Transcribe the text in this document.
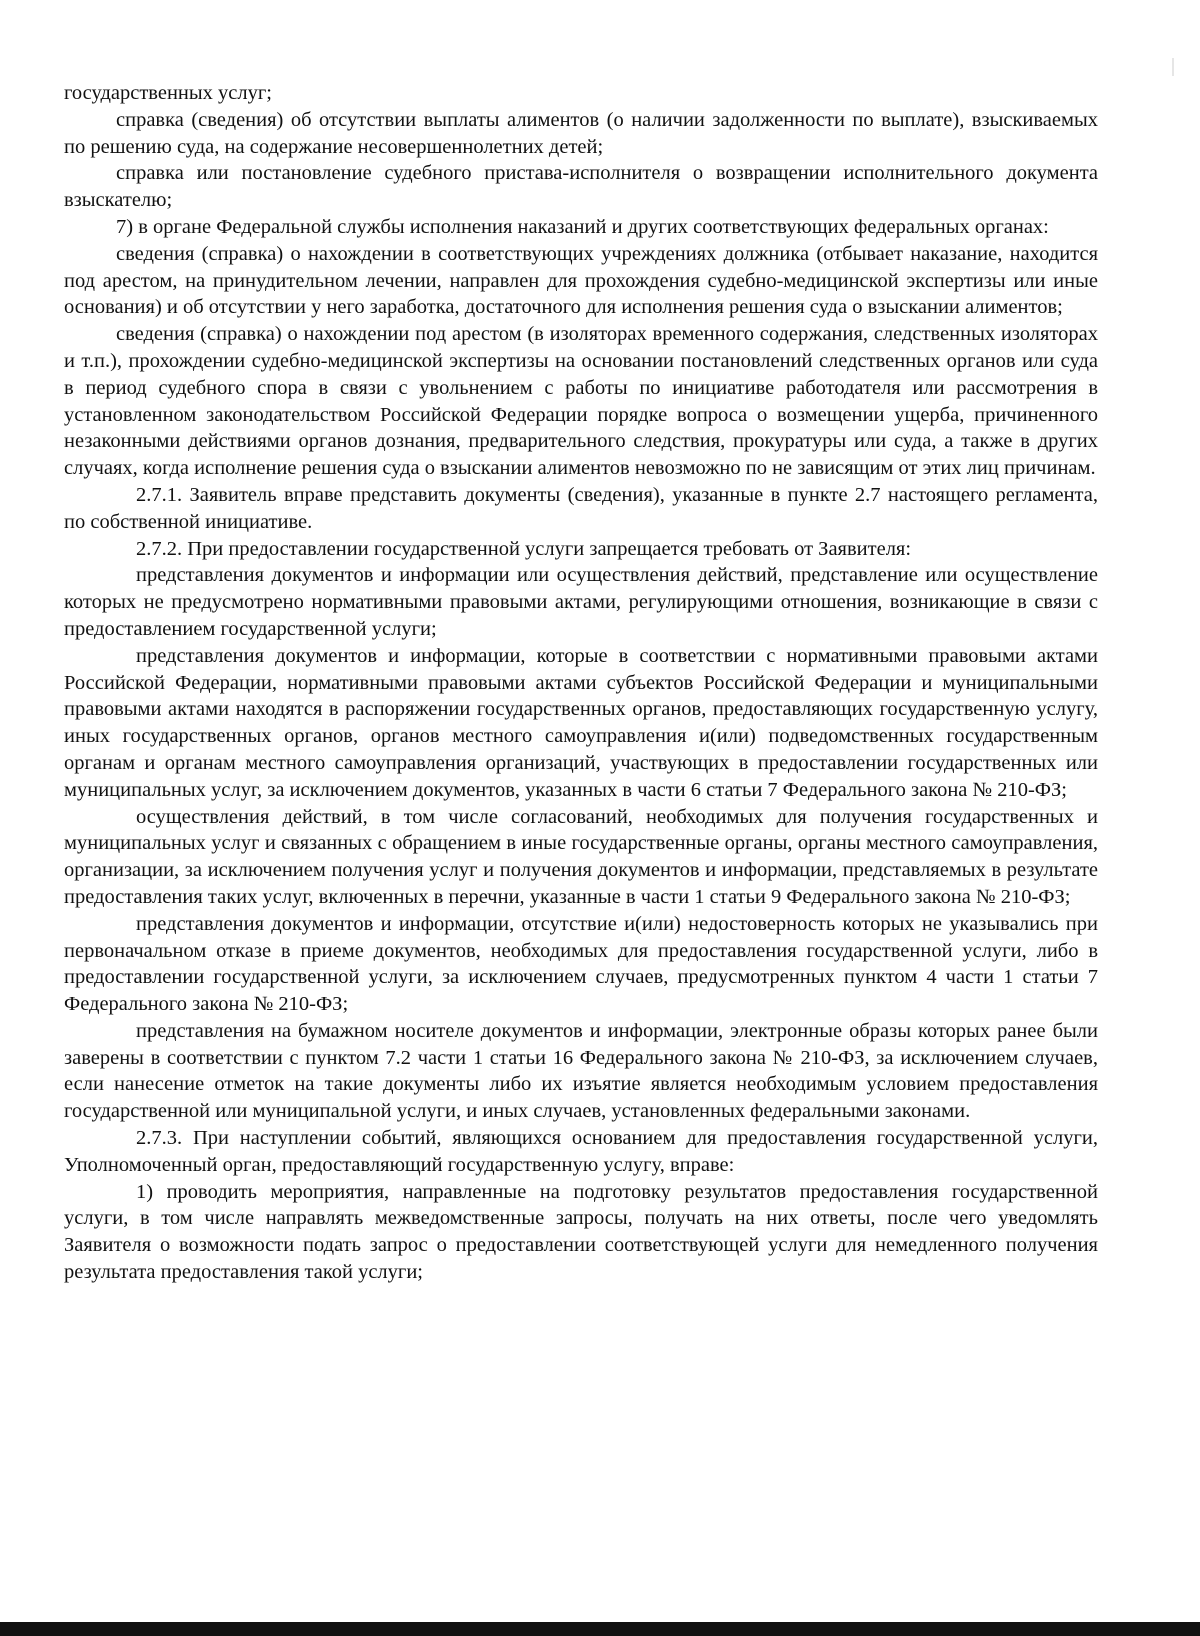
государственных услуг;

справка (сведения) об отсутствии выплаты алиментов (о наличии задолженности по выплате), взыскиваемых по решению суда, на содержание несовершеннолетних детей;

справка или постановление судебного пристава-исполнителя о возвращении исполнительного документа взыскателю;

7) в органе Федеральной службы исполнения наказаний и других соответствующих федеральных органах:

сведения (справка) о нахождении в соответствующих учреждениях должника (отбывает наказание, находится под арестом, на принудительном лечении, направлен для прохождения судебно-медицинской экспертизы или иные основания) и об отсутствии у него заработка, достаточного для исполнения решения суда о взыскании алиментов;

сведения (справка) о нахождении под арестом (в изоляторах временного содержания, следственных изоляторах и т.п.), прохождении судебно-медицинской экспертизы на основании постановлений следственных органов или суда в период судебного спора в связи с увольнением с работы по инициативе работодателя или рассмотрения в установленном законодательством Российской Федерации порядке вопроса о возмещении ущерба, причиненного незаконными действиями органов дознания, предварительного следствия, прокуратуры или суда, а также в других случаях, когда исполнение решения суда о взыскании алиментов невозможно по не зависящим от этих лиц причинам.

2.7.1. Заявитель вправе представить документы (сведения), указанные в пункте 2.7 настоящего регламента, по собственной инициативе.

2.7.2. При предоставлении государственной услуги запрещается требовать от Заявителя:

представления документов и информации или осуществления действий, представление или осуществление которых не предусмотрено нормативными правовыми актами, регулирующими отношения, возникающие в связи с предоставлением государственной услуги;

представления документов и информации, которые в соответствии с нормативными правовыми актами Российской Федерации, нормативными правовыми актами субъектов Российской Федерации и муниципальными правовыми актами находятся в распоряжении государственных органов, предоставляющих государственную услугу, иных государственных органов, органов местного самоуправления и(или) подведомственных государственным органам и органам местного самоуправления организаций, участвующих в предоставлении государственных или муниципальных услуг, за исключением документов, указанных в части 6 статьи 7 Федерального закона № 210-ФЗ;

осуществления действий, в том числе согласований, необходимых для получения государственных и муниципальных услуг и связанных с обращением в иные государственные органы, органы местного самоуправления, организации, за исключением получения услуг и получения документов и информации, представляемых в результате предоставления таких услуг, включенных в перечни, указанные в части 1 статьи 9 Федерального закона № 210-ФЗ;

представления документов и информации, отсутствие и(или) недостоверность которых не указывались при первоначальном отказе в приеме документов, необходимых для предоставления государственной услуги, либо в предоставлении государственной услуги, за исключением случаев, предусмотренных пунктом 4 части 1 статьи 7 Федерального закона № 210-ФЗ;

представления на бумажном носителе документов и информации, электронные образы которых ранее были заверены в соответствии с пунктом 7.2 части 1 статьи 16 Федерального закона № 210-ФЗ, за исключением случаев, если нанесение отметок на такие документы либо их изъятие является необходимым условием предоставления государственной или муниципальной услуги, и иных случаев, установленных федеральными законами.

2.7.3. При наступлении событий, являющихся основанием для предоставления государственной услуги, Уполномоченный орган, предоставляющий государственную услугу, вправе:

1) проводить мероприятия, направленные на подготовку результатов предоставления государственной услуги, в том числе направлять межведомственные запросы, получать на них ответы, после чего уведомлять Заявителя о возможности подать запрос о предоставлении соответствующей услуги для немедленного получения результата предоставления такой услуги;
